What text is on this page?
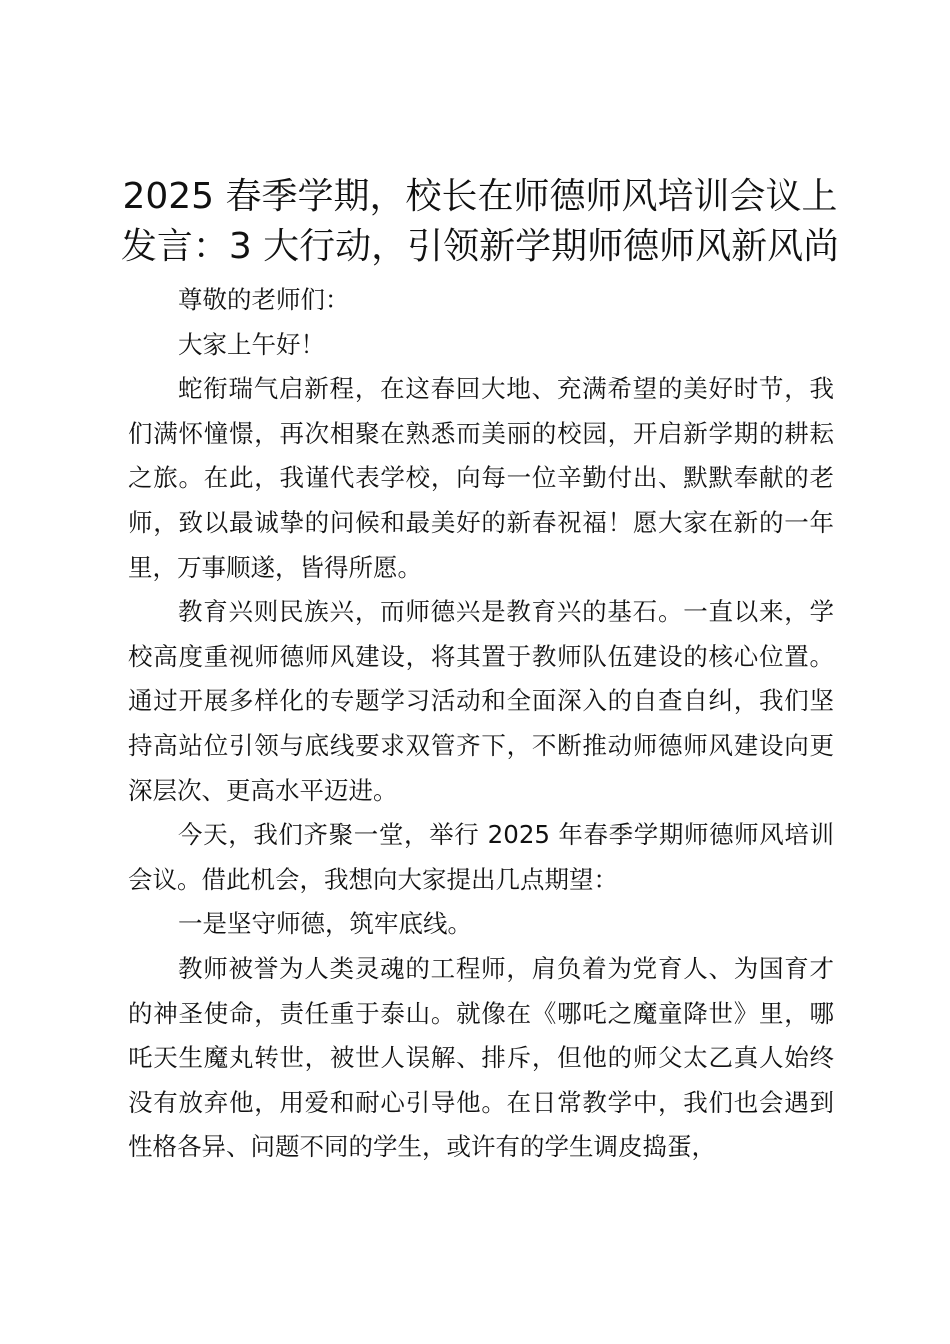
2025 春季学期，校长在师德师风培训会议上
发言：3 大行动，引领新学期师德师风新风尚

尊敬的老师们：

大家上午好！

蛇衔瑞气启新程，在这春回大地、充满希望的美好时节，我们满怀憧憬，再次相聚在熟悉而美丽的校园，开启新学期的耕耘之旅。在此，我谨代表学校，向每一位辛勤付出、默默奉献的老师，致以最诚挚的问候和最美好的新春祝福！愿大家在新的一年里，万事顺遂，皆得所愿。

教育兴则民族兴，而师德兴是教育兴的基石。一直以来，学校高度重视师德师风建设，将其置于教师队伍建设的核心位置。通过开展多样化的专题学习活动和全面深入的自查自纠，我们坚持高站位引领与底线要求双管齐下，不断推动师德师风建设向更深层次、更高水平迈进。

今天，我们齐聚一堂，举行 2025 年春季学期师德师风培训会议。借此机会，我想向大家提出几点期望：

一是坚守师德，筑牢底线。

教师被誉为人类灵魂的工程师，肩负着为党育人、为国育才的神圣使命，责任重于泰山。就像在《哪吒之魔童降世》里，哪吒天生魔丸转世，被世人误解、排斥，但他的师父太乙真人始终没有放弃他，用爱和耐心引导他。在日常教学中，我们也会遇到性格各异、问题不同的学生，或许有的学生调皮捣蛋，
